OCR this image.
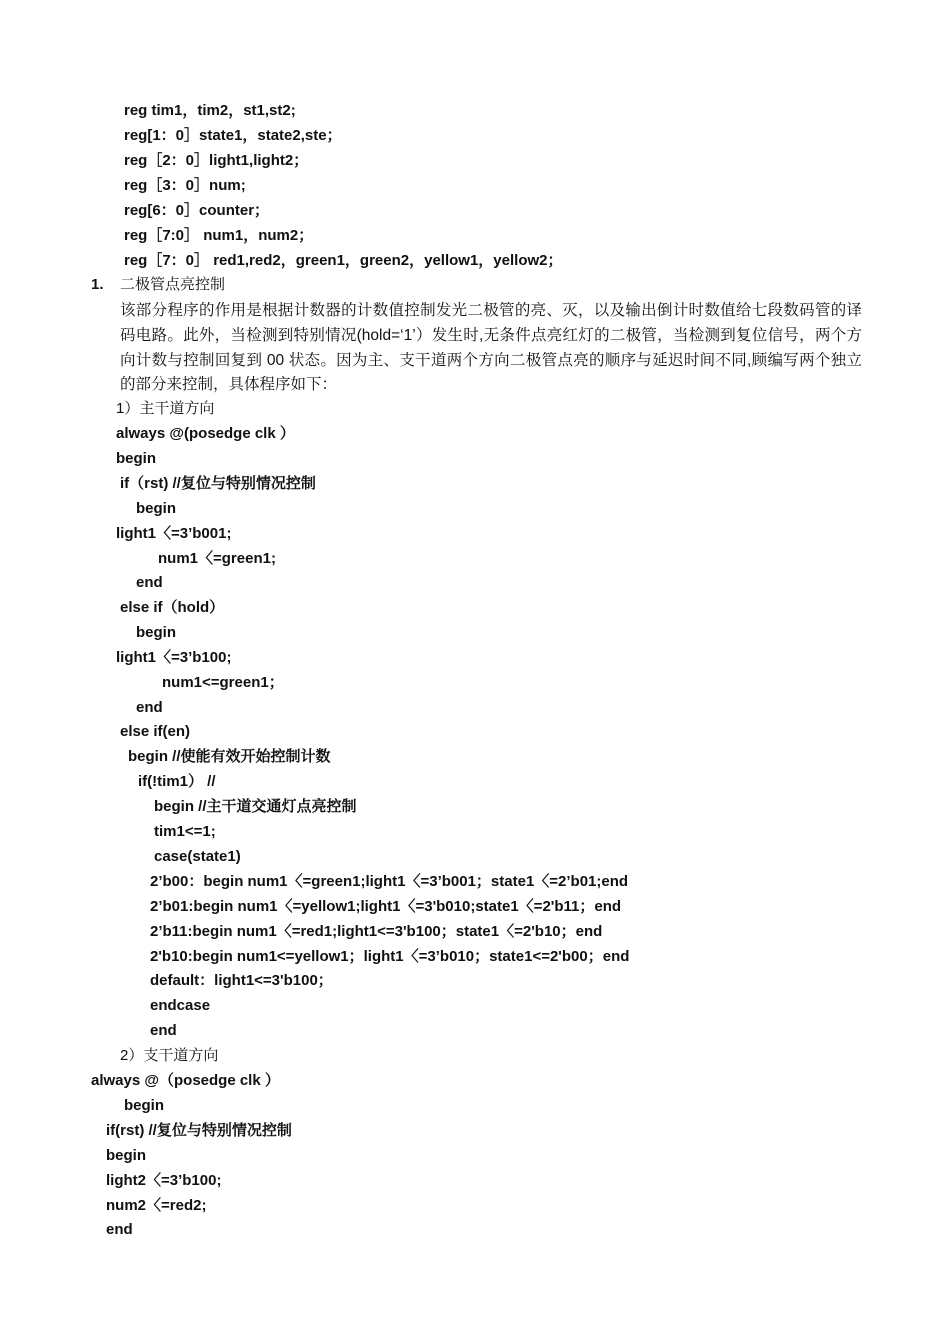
reg tim1，tim2，st1,st2;
reg[1：0］state1，state2,ste；
reg［2：0］light1,light2；
reg［3：0］num;
reg[6：0］counter；
reg［7:0］ num1，num2；
reg［7：0］ red1,red2，green1，green2，yellow1，yellow2；
二极管点亮控制
1）主干道方向
always @(posedge clk ）
begin
if（rst) //复位与特别情况控制
begin
light1〈=3’b001;
num1〈=green1;
end
else if（hold）
begin
light1〈=3’b100;
num1<=green1；
end
else if(en)
begin //使能有效开始控制计数
if(!tim1） //
begin //主干道交通灯点亮控制
tim1<=1;
case(state1)
2’b00：begin num1〈=green1;light1〈=3’b001；state1〈=2’b01;end
2’b01:begin num1〈=yellow1;light1〈=3'b010;state1〈=2'b11；end
2’b11:begin num1〈=red1;light1<=3'b100；state1〈=2'b10；end
2'b10:begin num1<=yellow1；light1〈=3’b010；state1<=2'b00；end
default：light1<=3'b100；
endcase
end
2）支干道方向
always @（posedge clk ）
begin
if(rst) //复位与特别情况控制
begin
light2〈=3’b100;
num2〈=red2;
end
1.
该部分程序的作用是根据计数器的计数值控制发光二极管的亮、灭，以及输出倒计时数值给七段数码管的译码电路。此外，当检测到特别情况(hold=‘1’）发生时,无条件点亮红灯的二极管，当检测到复位信号，两个方向计数与控制回复到 00 状态。因为主、支干道两个方向二极管点亮的顺序与延迟时间不同,顾编写两个独立的部分来控制，具体程序如下：
